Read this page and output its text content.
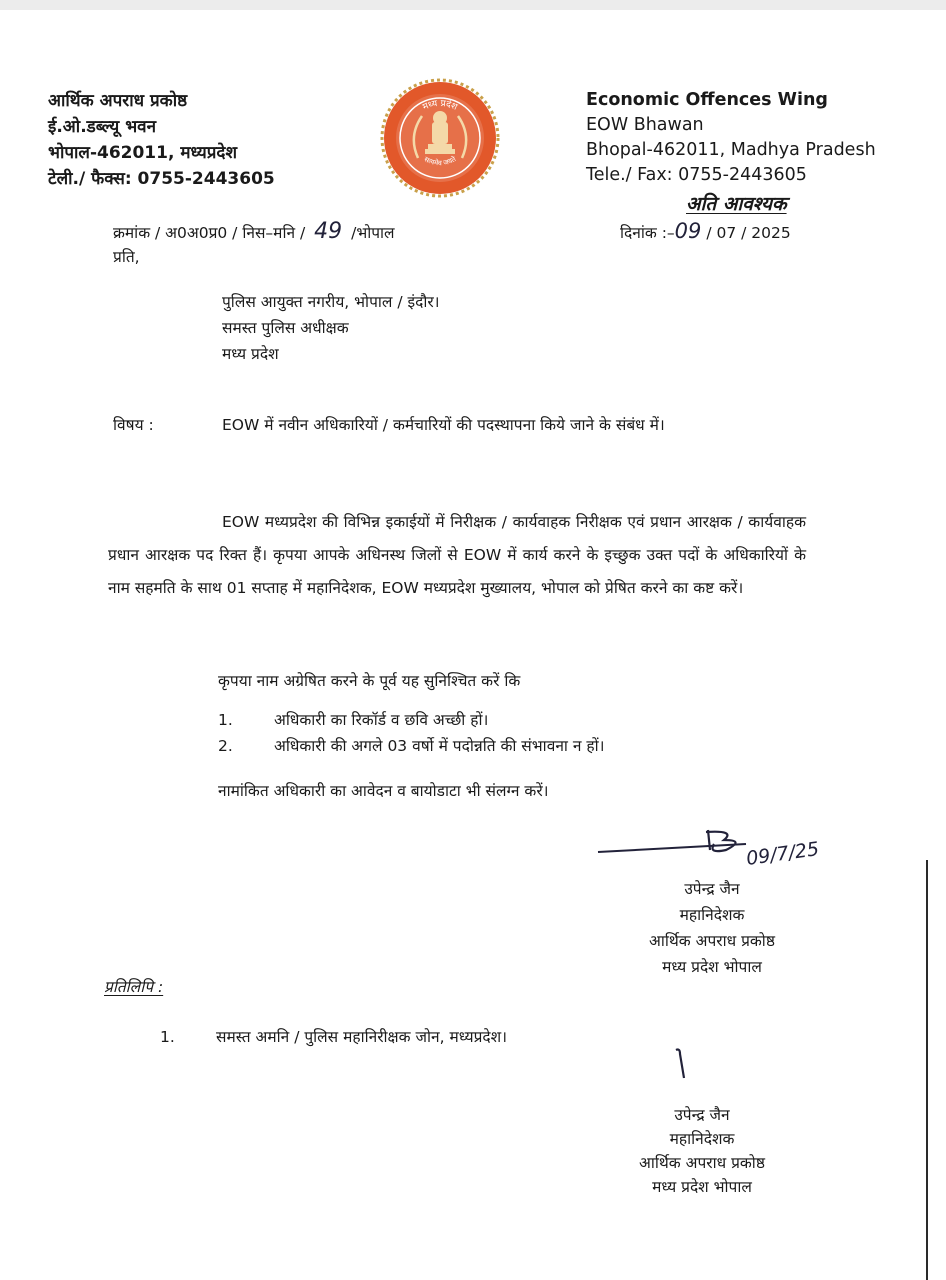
आर्थिक अपराध प्रकोष्ठ
ई.ओ.डब्ल्यू भवन
भोपाल-462011, मध्यप्रदेश
टेली./ फैक्स: 0755-2443605
मध्य प्रदेश
सत्यमेव जयते
Economic Offences Wing
EOW Bhawan
Bhopal-462011, Madhya Pradesh
Tele./ Fax: 0755-2443605
अति आवश्यक
क्रमांक / अ0अ0प्र0 / निस–मनि / 49 /भोपाल	दिनांक :–09 / 07 / 2025
प्रति,
पुलिस आयुक्त नगरीय, भोपाल / इंदौर।
समस्त पुलिस अधीक्षक
मध्य प्रदेश
विषय :	EOW में नवीन अधिकारियों / कर्मचारियों की पदस्थापना किये जाने के संबंध में।
EOW मध्यप्रदेश की विभिन्न इकाईयों में निरीक्षक / कार्यवाहक निरीक्षक एवं प्रधान आरक्षक / कार्यवाहक प्रधान आरक्षक पद रिक्त हैं। कृपया आपके अधिनस्थ जिलों से EOW में कार्य करने के इच्छुक उक्त पदों के अधिकारियों के नाम सहमति के साथ 01 सप्ताह में महानिदेशक, EOW मध्यप्रदेश मुख्यालय, भोपाल को प्रेषित करने का कष्ट करें।
कृपया नाम अग्रेषित करने के पूर्व यह सुनिश्चित करें कि
1.	अधिकारी का रिकॉर्ड व छवि अच्छी हों।
2.	अधिकारी की अगले 03 वर्षो में पदोन्नति की संभावना न हों।
नामांकित अधिकारी का आवेदन व बायोडाटा भी संलग्न करें।
09/7/25
उपेन्द्र जैन
महानिदेशक
आर्थिक अपराध प्रकोष्ठ
मध्य प्रदेश भोपाल
प्रतिलिपि :
1.	समस्त अमनि / पुलिस महानिरीक्षक जोन, मध्यप्रदेश।
उपेन्द्र जैन
महानिदेशक
आर्थिक अपराध प्रकोष्ठ
मध्य प्रदेश भोपाल
